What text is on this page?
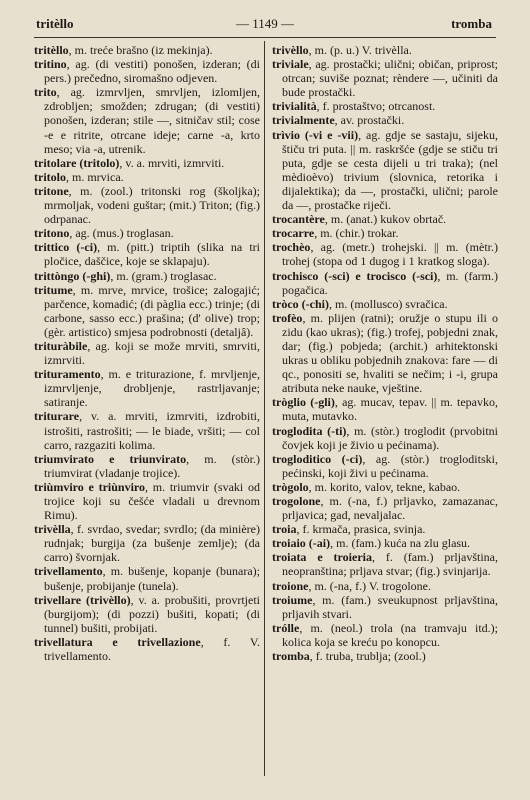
— 1149 —
tritèllo	tromba
tritèllo, m. treće brašno (iz mekinja).
tritino, ag. (di vestiti) ponošen, izderan; (di pers.) prečedno, siromašno odjeven.
trito, ag. izmrvljen, smrvljen, izlomljen, zdrobljen; smožden; zdrugan; (di vestiti) ponošen, izderan; stile —, sitničav stil; cose -e e ritrite, otrcane ideje; carne -a, krto meso; via -a, utrenik.
tritolare (tritolo), v. a. mrviti, izmrviti.
tritolo, m. mrvica.
tritone, m. (zool.) tritonski rog (školjka); mrmoljak, vodeni guštar; (mit.) Triton; (fig.) odrpanac.
tritono, ag. (mus.) troglasan.
trittico (-ci), m. (pitt.) triptih (slika na tri pločice, daščice, koje se sklapaju).
trittòngo (-ghi), m. (gram.) troglasac.
tritume, m. mrve, mrvice, trošice; zalogajić; parčence, komadić; (di pàglia ecc.) trinje; (di carbone, sasso ecc.) prašina; (d' olive) trop; (gèr. artistico) smjesa podrobnosti (detaljâ).
trituràbile, ag. koji se može mrviti, smrviti, izmrviti.
trituramento, m. e triturazione, f. mrvljenje, izmrvljenje, drobljenje, rastrljavanje; satiranje.
triturare, v. a. mrviti, izmrviti, izdrobiti, istrošiti, rastrošiti; — le biade, vršiti; — col carro, razgaziti kolima.
triumvirato e triunvirato, m. (stòr.) triumvirat (vladanje trojice).
triùmviro e triùnviro, m. triumvir (svaki od trojice koji su češće vladali u drevnom Rimu).
trivèlla, f. svrdao, svedar; svrdlo; (da minière) rudnjak; burgija (za bušenje zemlje); (da carro) švornjak.
trivellamento, m. bušenje, kopanje (bunara); bušenje, probijanje (tunela).
trivellare (trivèllo), v. a. probušiti, provrtjeti (burgijom); (di pozzi) bušiti, kopati; (di tunnel) bušiti, probijati.
trivellatura e trivellazione, f. V. trivellamento.
trivèllo, m. (p. u.) V. trivèlla.
triviale, ag. prostački; ulični; običan, priprost; otrcan; suviše poznat; rèndere —, učiniti da bude prostački.
trivialità, f. prostaštvo; otrcanost.
trivialmente, av. prostački.
trìvio (-vi e -vii), ag. gdje se sastaju, sijeku, štiču tri puta. || m. raskršće (gdje se stiču tri puta, gdje se cesta dijeli u tri traka); (nel mèdioèvo) trivium (slovnica, retorika i dijalektika); da —, prostački, ulični; parole da —, prostačke riječi.
trocantère, m. (anat.) kukov obrtač.
trocarre, m. (chir.) trokar.
trochèo, ag. (metr.) trohejski. || m. (mètr.) trohej (stopa od 1 dugog i 1 kratkog sloga).
trochisco (-sci) e trocisco (-sci), m. (farm.) pogačica.
tròco (-chi), m. (mollusco) svračica.
trofèo, m. plijen (ratni); oružje o stupu ili o zidu (kao ukras); (fig.) trofej, pobjedni znak, dar; (fig.) pobjeda; (archit.) arhitektonski ukras u obliku pobjednih znakova: fare — di qc., ponositi se, hvaliti se nečim; i -i, grupa atributa neke nauke, vještine.
tròglio (-gli), ag. mucav, tepav. || m. tepavko, muta, mutavko.
troglodita (-ti), m. (stòr.) troglodit (prvobitni čovjek koji je živio u pećinama).
trogloditico (-ci), ag. (stòr.) trogloditski, pećinski, koji živi u pećinama.
trògolo, m. korito, valov, tekne, kabao.
trogolone, m. (-na, f.) prljavko, zamazanac, prljavica; gad, nevaljalac.
troia, f. krmača, prasica, svinja.
troiaio (-ai), m. (fam.) kuća na zlu glasu.
troiata e troieria, f. (fam.) prljavština, neopranština; prljava stvar; (fig.) svinjarija.
troione, m. (-na, f.) V. trogolone.
troiume, m. (fam.) sveukupnost prljavština, prljavih stvari.
trólle, m. (neol.) trola (na tramvaju itd.); kolica koja se kreću po konopcu.
tromba, f. truba, trublja; (zool.)
